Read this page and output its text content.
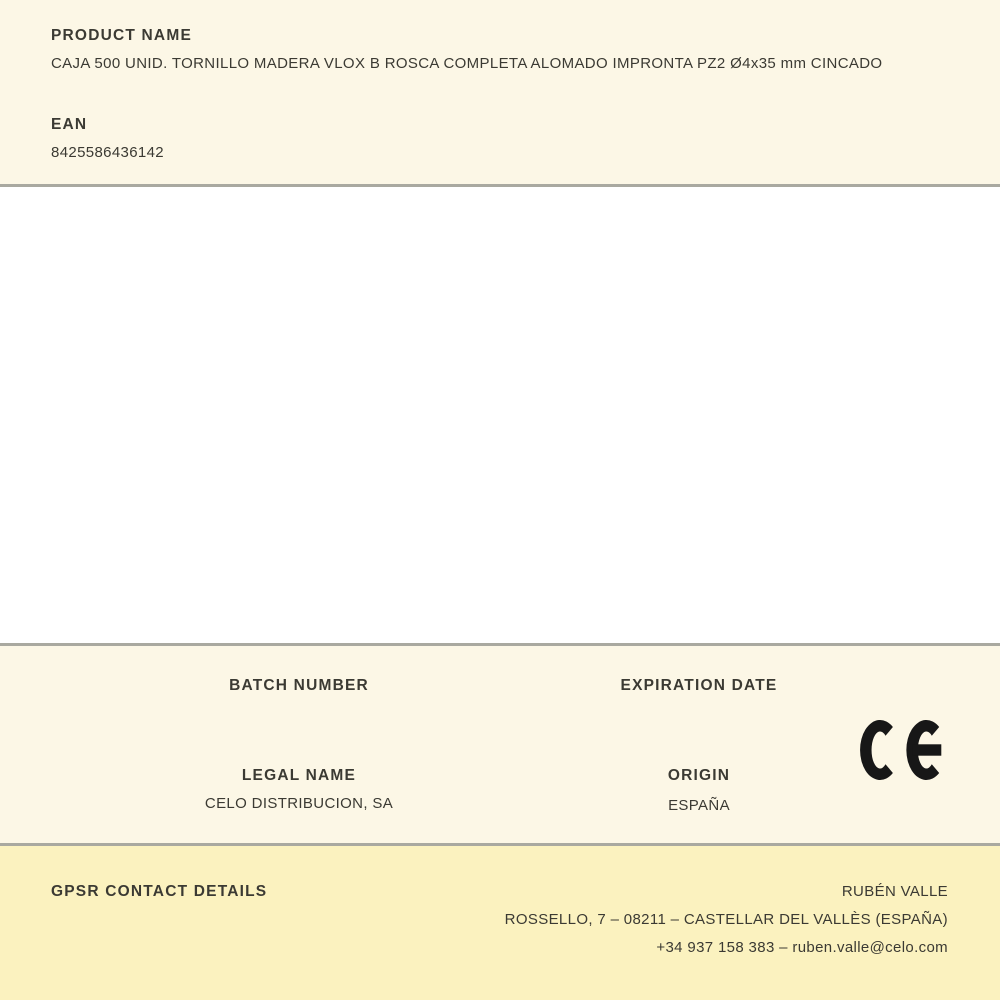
PRODUCT NAME
CAJA 500 UNID. TORNILLO MADERA VLOX B ROSCA COMPLETA ALOMADO IMPRONTA PZ2 Ø4x35 mm CINCADO
EAN
8425586436142
BATCH NUMBER	EXPIRATION DATE
LEGAL NAME
CELO DISTRIBUCION, SA
ORIGIN
ESPAÑA
GPSR CONTACT DETAILS	RUBÉN VALLE
ROSSELLO, 7 – 08211 – CASTELLAR DEL VALLÈS (ESPAÑA)
+34 937 158 383 – ruben.valle@celo.com
